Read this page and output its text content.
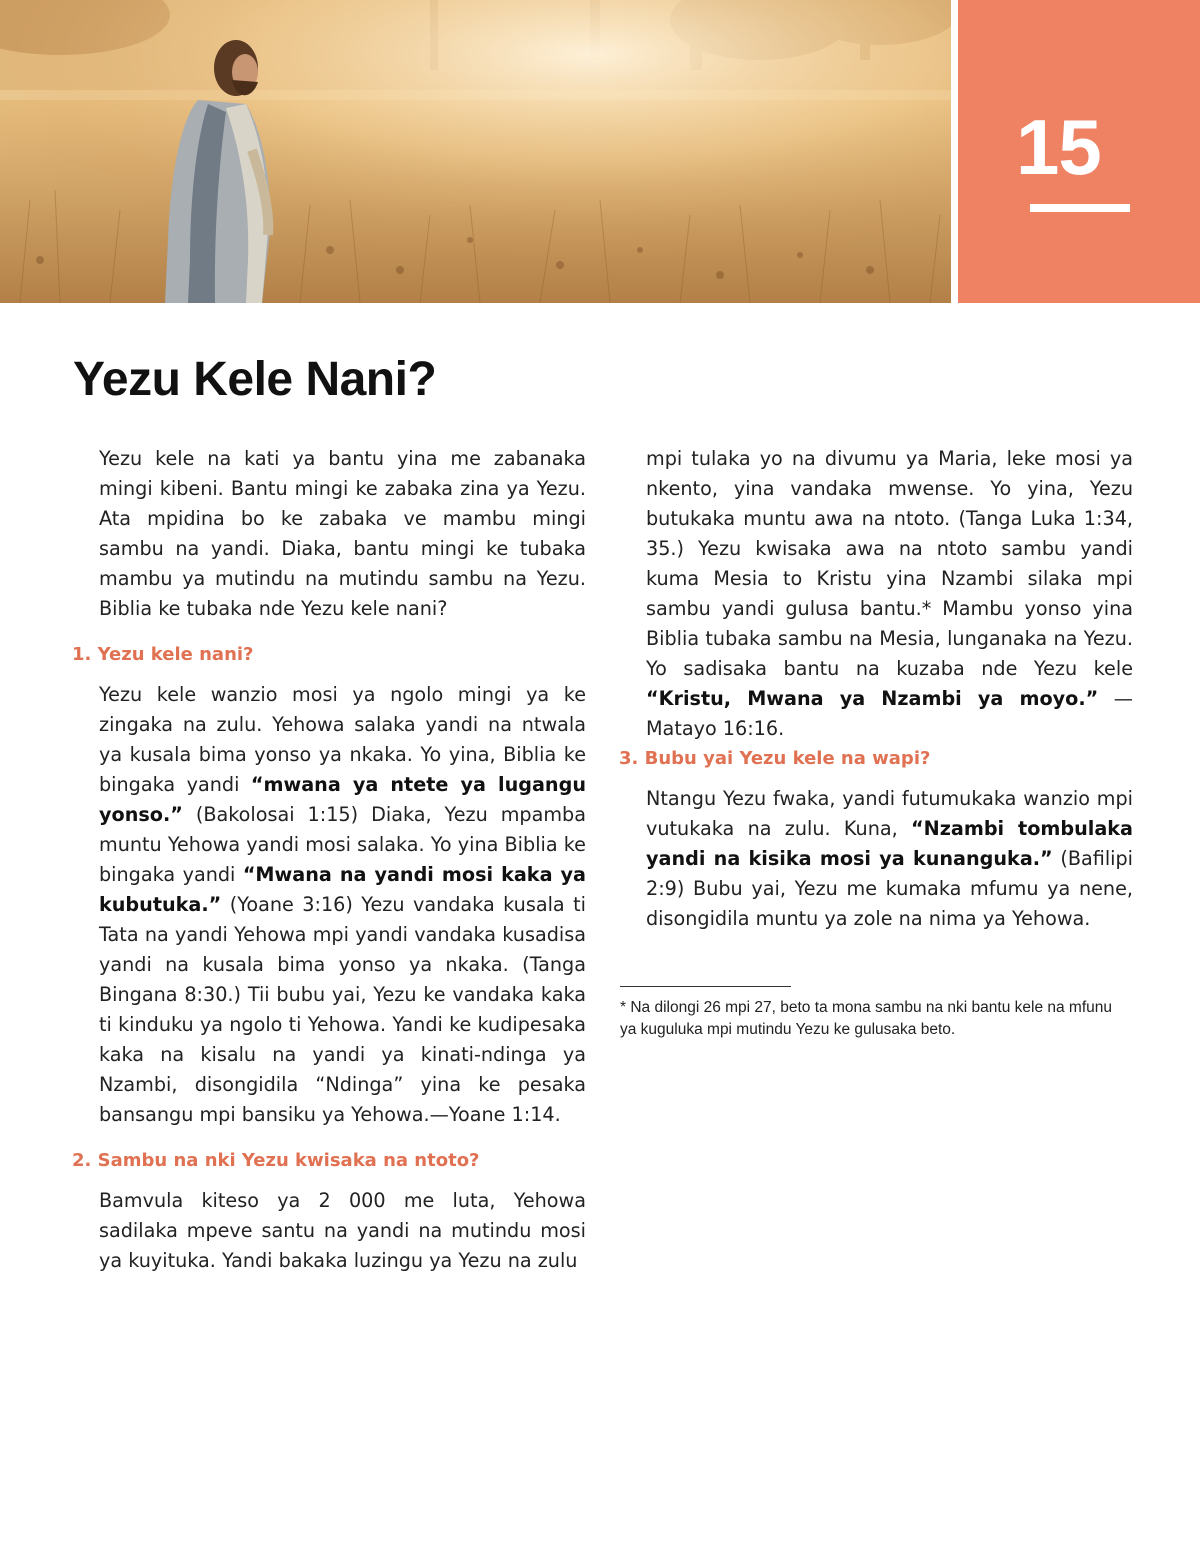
15
Yezu Kele Nani?

Yezu kele na kati ya bantu yina me zabanaka mingi kibeni. Bantu mingi ke zabaka zina ya Yezu. Ata mpidina bo ke zabaka ve mambu mingi sambu na yandi. Diaka, bantu mingi ke tubaka mambu ya mutindu na mutindu sambu na Yezu. Biblia ke tubaka nde Yezu kele nani?

1. Yezu kele nani?

Yezu kele wanzio mosi ya ngolo mingi ya ke zingaka na zulu. Yehowa salaka yandi na ntwala ya kusala bima yonso ya nkaka. Yo yina, Biblia ke bingaka yandi “mwana ya ntete ya lugangu yonso.” (Bakolosai 1:15) Diaka, Yezu mpamba muntu Yehowa yandi mosi salaka. Yo yina Biblia ke bingaka yandi “Mwana na yandi mosi kaka ya kubutuka.” (Yoane 3:16) Yezu vandaka kusala ti Tata na yandi Yehowa mpi yandi vandaka kusadisa yandi na kusala bima yonso ya nkaka. (Tanga Bingana 8:30.) Tii bubu yai, Yezu ke vandaka kaka ti kinduku ya ngolo ti Yehowa. Yandi ke kudipesaka kaka na kisalu na yandi ya kinati-ndinga ya Nzambi, disongidila “Ndinga” yina ke pesaka bansangu mpi bansiku ya Yehowa.—Yoane 1:14.

2. Sambu na nki Yezu kwisaka na ntoto?

Bamvula kiteso ya 2 000 me luta, Yehowa sadilaka mpeve santu na yandi na mutindu mosi ya kuyituka. Yandi bakaka luzingu ya Yezu na zulu

mpi tulaka yo na divumu ya Maria, leke mosi ya nkento, yina vandaka mwense. Yo yina, Yezu butukaka muntu awa na ntoto. (Tanga Luka 1:34, 35.) Yezu kwisaka awa na ntoto sambu yandi kuma Mesia to Kristu yina Nzambi silaka mpi sambu yandi gulusa bantu.* Mambu yonso yina Biblia tubaka sambu na Mesia, lunganaka na Yezu. Yo sadisaka bantu na kuzaba nde Yezu kele “Kristu, Mwana ya Nzambi ya moyo.” —Matayo 16:16.

3. Bubu yai Yezu kele na wapi?

Ntangu Yezu fwaka, yandi futumukaka wanzio mpi vutukaka na zulu. Kuna, “Nzambi tombulaka yandi na kisika mosi ya kunanguka.” (Bafilipi 2:9) Bubu yai, Yezu me kumaka mfumu ya nene, disongidila muntu ya zole na nima ya Yehowa.

* Na dilongi 26 mpi 27, beto ta mona sambu na nki bantu kele na mfunu ya kuguluka mpi mutindu Yezu ke gulusaka beto.
